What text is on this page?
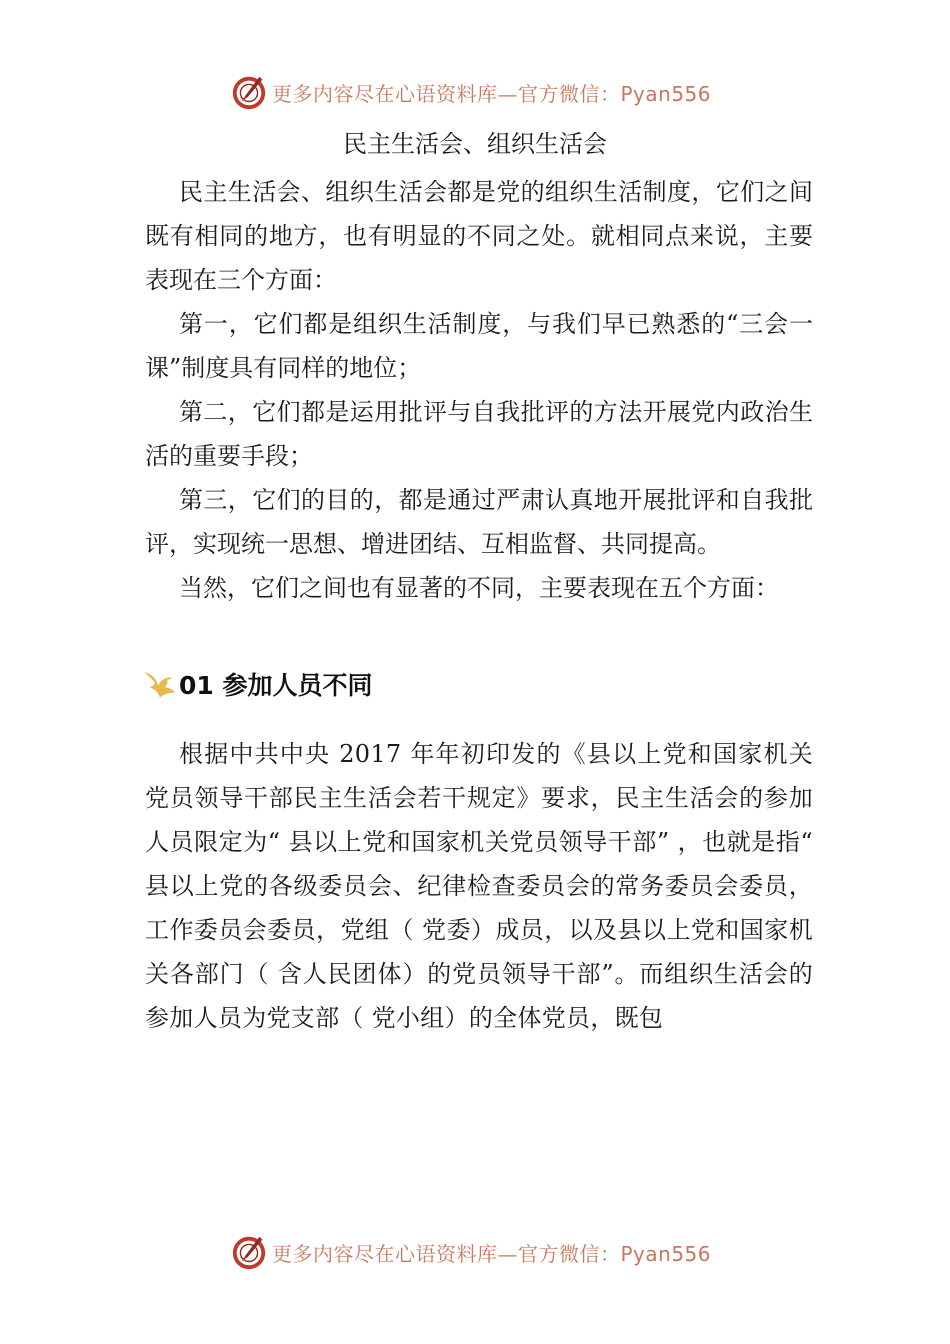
更多内容尽在心语资料库—官方微信：Pyan556
民主生活会、组织生活会

民主生活会、组织生活会都是党的组织生活制度，它们之间既有相同的地方，也有明显的不同之处。就相同点来说，主要表现在三个方面：

第一，它们都是组织生活制度，与我们早已熟悉的“三会一课”制度具有同样的地位；

第二，它们都是运用批评与自我批评的方法开展党内政治生活的重要手段；

第三，它们的目的，都是通过严肃认真地开展批评和自我批评，实现统一思想、增进团结、互相监督、共同提高。

当然，它们之间也有显著的不同，主要表现在五个方面：

01 参加人员不同

根据中共中央 2017 年年初印发的《县以上党和国家机关党员领导干部民主生活会若干规定》要求，民主生活会的参加人员限定为“ 县以上党和国家机关党员领导干部” ，也就是指“ 县以上党的各级委员会、纪律检查委员会的常务委员会委员， 工作委员会委员，党组（ 党委）成员，以及县以上党和国家机关各部门（ 含人民团体）的党员领导干部”。而组织生活会的参加人员为党支部（ 党小组）的全体党员，既包

更多内容尽在心语资料库—官方微信：Pyan556
